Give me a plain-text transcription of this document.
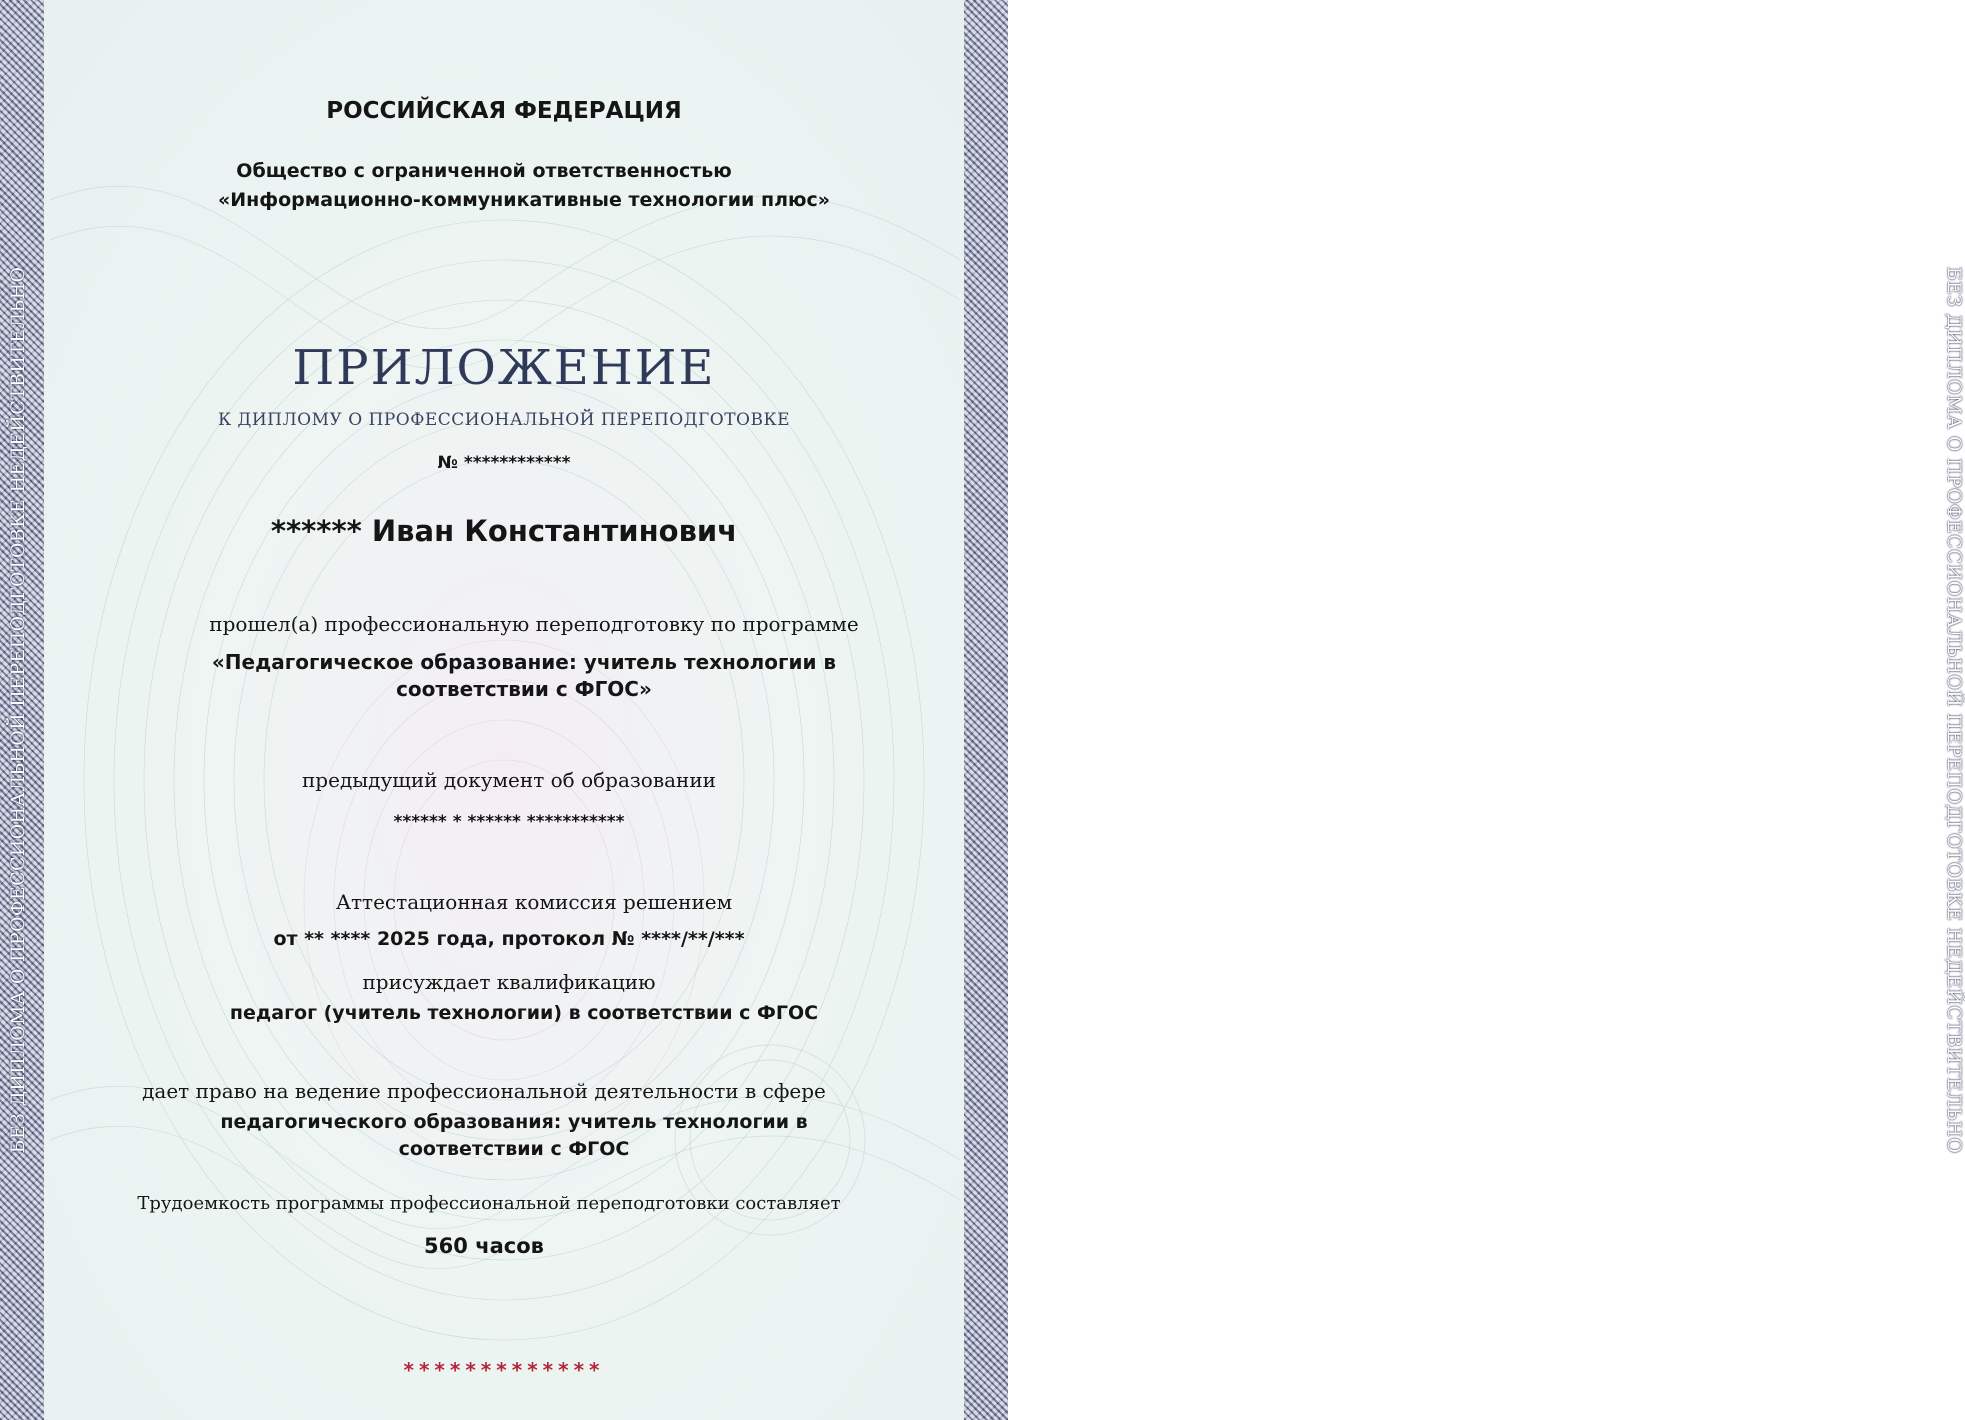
БЕЗ ДИПЛОМА О ПРОФЕССИОНАЛЬНОЙ ПЕРЕПОДГОТОВКЕ НЕДЕЙСТВИТЕЛЬНО	БЕЗ ДИПЛОМА О ПРОФЕССИОНАЛЬНОЙ ПЕРЕПОДГОТОВКЕ НЕДЕЙСТВИТЕЛЬНО
РОССИЙСКАЯ ФЕДЕРАЦИЯ
Общество с ограниченной ответственностью
«Информационно-коммуникативные технологии плюс»
ПРИЛОЖЕНИЕ
К ДИПЛОМУ О ПРОФЕССИОНАЛЬНОЙ ПЕРЕПОДГОТОВКЕ
№ ************
****** Иван Константинович
прошел(а) профессиональную переподготовку по программе
«Педагогическое образование: учитель технологии в
соответствии с ФГОС»
предыдущий документ об образовании
****** * ****** ***********
Аттестационная комиссия решением
от ** **** 2025 года, протокол № ****/**/***
присуждает квалификацию
педагог (учитель технологии) в соответствии с ФГОС
дает право на ведение профессиональной деятельности в сфере
педагогического образования: учитель технологии в
соответствии с ФГОС
Трудоемкость программы профессиональной переподготовки составляет
560 часов
*************
